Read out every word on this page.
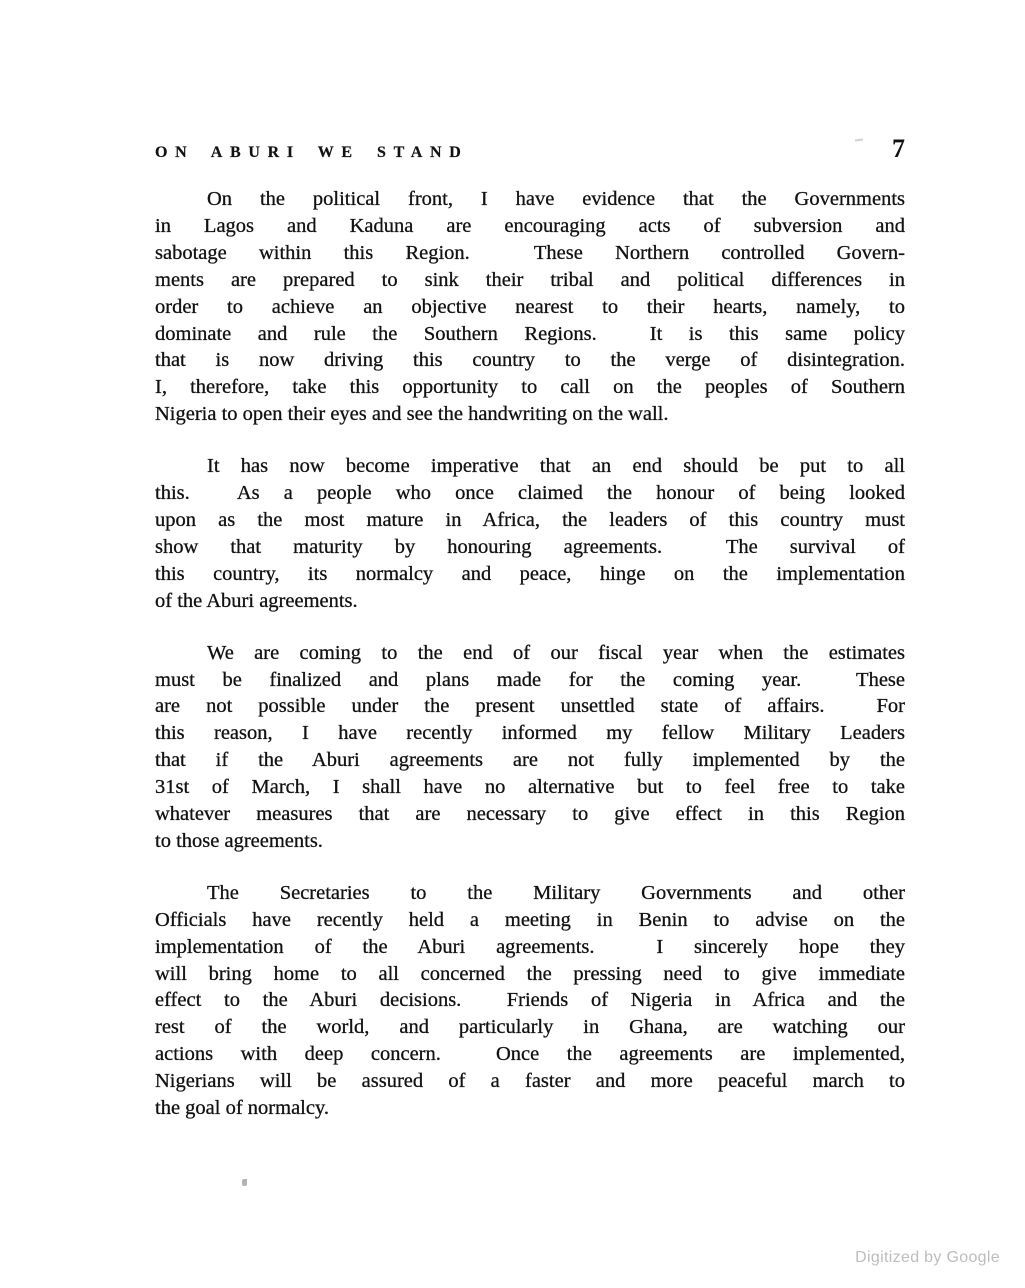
ON ABURI WE STAND	7
On the political front, I have evidence that the Governments
in Lagos and Kaduna are encouraging acts of subversion and
sabotage within this Region.  These Northern controlled Govern-
ments are prepared to sink their tribal and political differences in
order to achieve an objective nearest to their hearts, namely, to
dominate and rule the Southern Regions.  It is this same policy
that is now driving this country to the verge of disintegration.
I, therefore, take this opportunity to call on the peoples of Southern
Nigeria to open their eyes and see the handwriting on the wall.
It has now become imperative that an end should be put to all
this.  As a people who once claimed the honour of being looked
upon as the most mature in Africa, the leaders of this country must
show that maturity by honouring agreements.  The survival of
this country, its normalcy and peace, hinge on the implementation
of the Aburi agreements.
We are coming to the end of our fiscal year when the estimates
must be finalized and plans made for the coming year.  These
are not possible under the present unsettled state of affairs.  For
this reason, I have recently informed my fellow Military Leaders
that if the Aburi agreements are not fully implemented by the
31st of March, I shall have no alternative but to feel free to take
whatever measures that are necessary to give effect in this Region
to those agreements.
The Secretaries to the Military Governments and other
Officials have recently held a meeting in Benin to advise on the
implementation of the Aburi agreements.  I sincerely hope they
will bring home to all concerned the pressing need to give immediate
effect to the Aburi decisions.  Friends of Nigeria in Africa and the
rest of the world, and particularly in Ghana, are watching our
actions with deep concern.  Once the agreements are implemented,
Nigerians will be assured of a faster and more peaceful march to
the goal of normalcy.
Digitized by Google
